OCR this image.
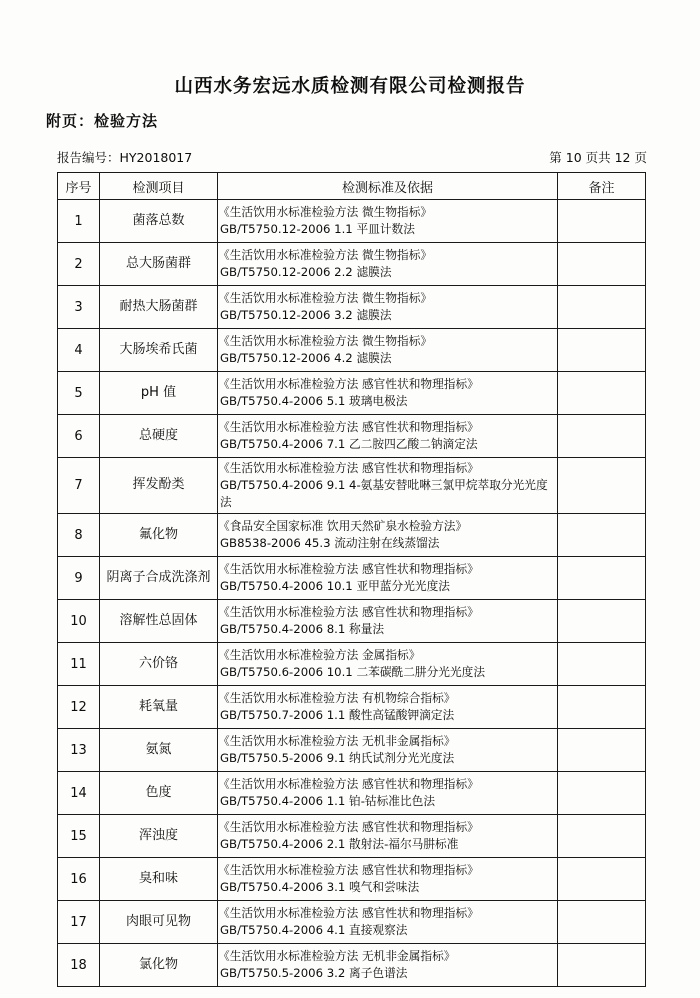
山西水务宏远水质检测有限公司检测报告
附页：检验方法
报告编号：HY2018017	第 10 页共 12 页
序号	检测项目	检测标准及依据	备注
1	菌落总数	《生活饮用水标准检验方法 微生物指标》
GB/T5750.12-2006 1.1 平皿计数法	

2	总大肠菌群	《生活饮用水标准检验方法 微生物指标》
GB/T5750.12-2006 2.2 滤膜法	

3	耐热大肠菌群	《生活饮用水标准检验方法 微生物指标》
GB/T5750.12-2006 3.2 滤膜法	

4	大肠埃希氏菌	《生活饮用水标准检验方法 微生物指标》
GB/T5750.12-2006 4.2 滤膜法	

5	pH 值	《生活饮用水标准检验方法 感官性状和物理指标》
GB/T5750.4-2006 5.1 玻璃电极法	

6	总硬度	《生活饮用水标准检验方法 感官性状和物理指标》
GB/T5750.4-2006 7.1 乙二胺四乙酸二钠滴定法	

7	挥发酚类	《生活饮用水标准检验方法 感官性状和物理指标》
GB/T5750.4-2006 9.1 4-氨基安替吡啉三氯甲烷萃取分光光度法	

8	氟化物	《食品安全国家标准 饮用天然矿泉水检验方法》
GB8538-2006 45.3 流动注射在线蒸馏法	

9	阴离子合成洗涤剂	《生活饮用水标准检验方法 感官性状和物理指标》
GB/T5750.4-2006 10.1 亚甲蓝分光光度法	

10	溶解性总固体	《生活饮用水标准检验方法 感官性状和物理指标》
GB/T5750.4-2006 8.1 称量法	

11	六价铬	《生活饮用水标准检验方法 金属指标》
GB/T5750.6-2006 10.1 二苯碳酰二肼分光光度法	

12	耗氧量	《生活饮用水标准检验方法 有机物综合指标》
GB/T5750.7-2006 1.1 酸性高锰酸钾滴定法	

13	氨氮	《生活饮用水标准检验方法 无机非金属指标》
GB/T5750.5-2006 9.1 纳氏试剂分光光度法	

14	色度	《生活饮用水标准检验方法 感官性状和物理指标》
GB/T5750.4-2006 1.1 铂-钴标准比色法	

15	浑浊度	《生活饮用水标准检验方法 感官性状和物理指标》
GB/T5750.4-2006 2.1 散射法-福尔马肼标准	

16	臭和味	《生活饮用水标准检验方法 感官性状和物理指标》
GB/T5750.4-2006 3.1 嗅气和尝味法	

17	肉眼可见物	《生活饮用水标准检验方法 感官性状和物理指标》
GB/T5750.4-2006 4.1 直接观察法	

18	氯化物	《生活饮用水标准检验方法 无机非金属指标》
GB/T5750.5-2006 3.2 离子色谱法	
